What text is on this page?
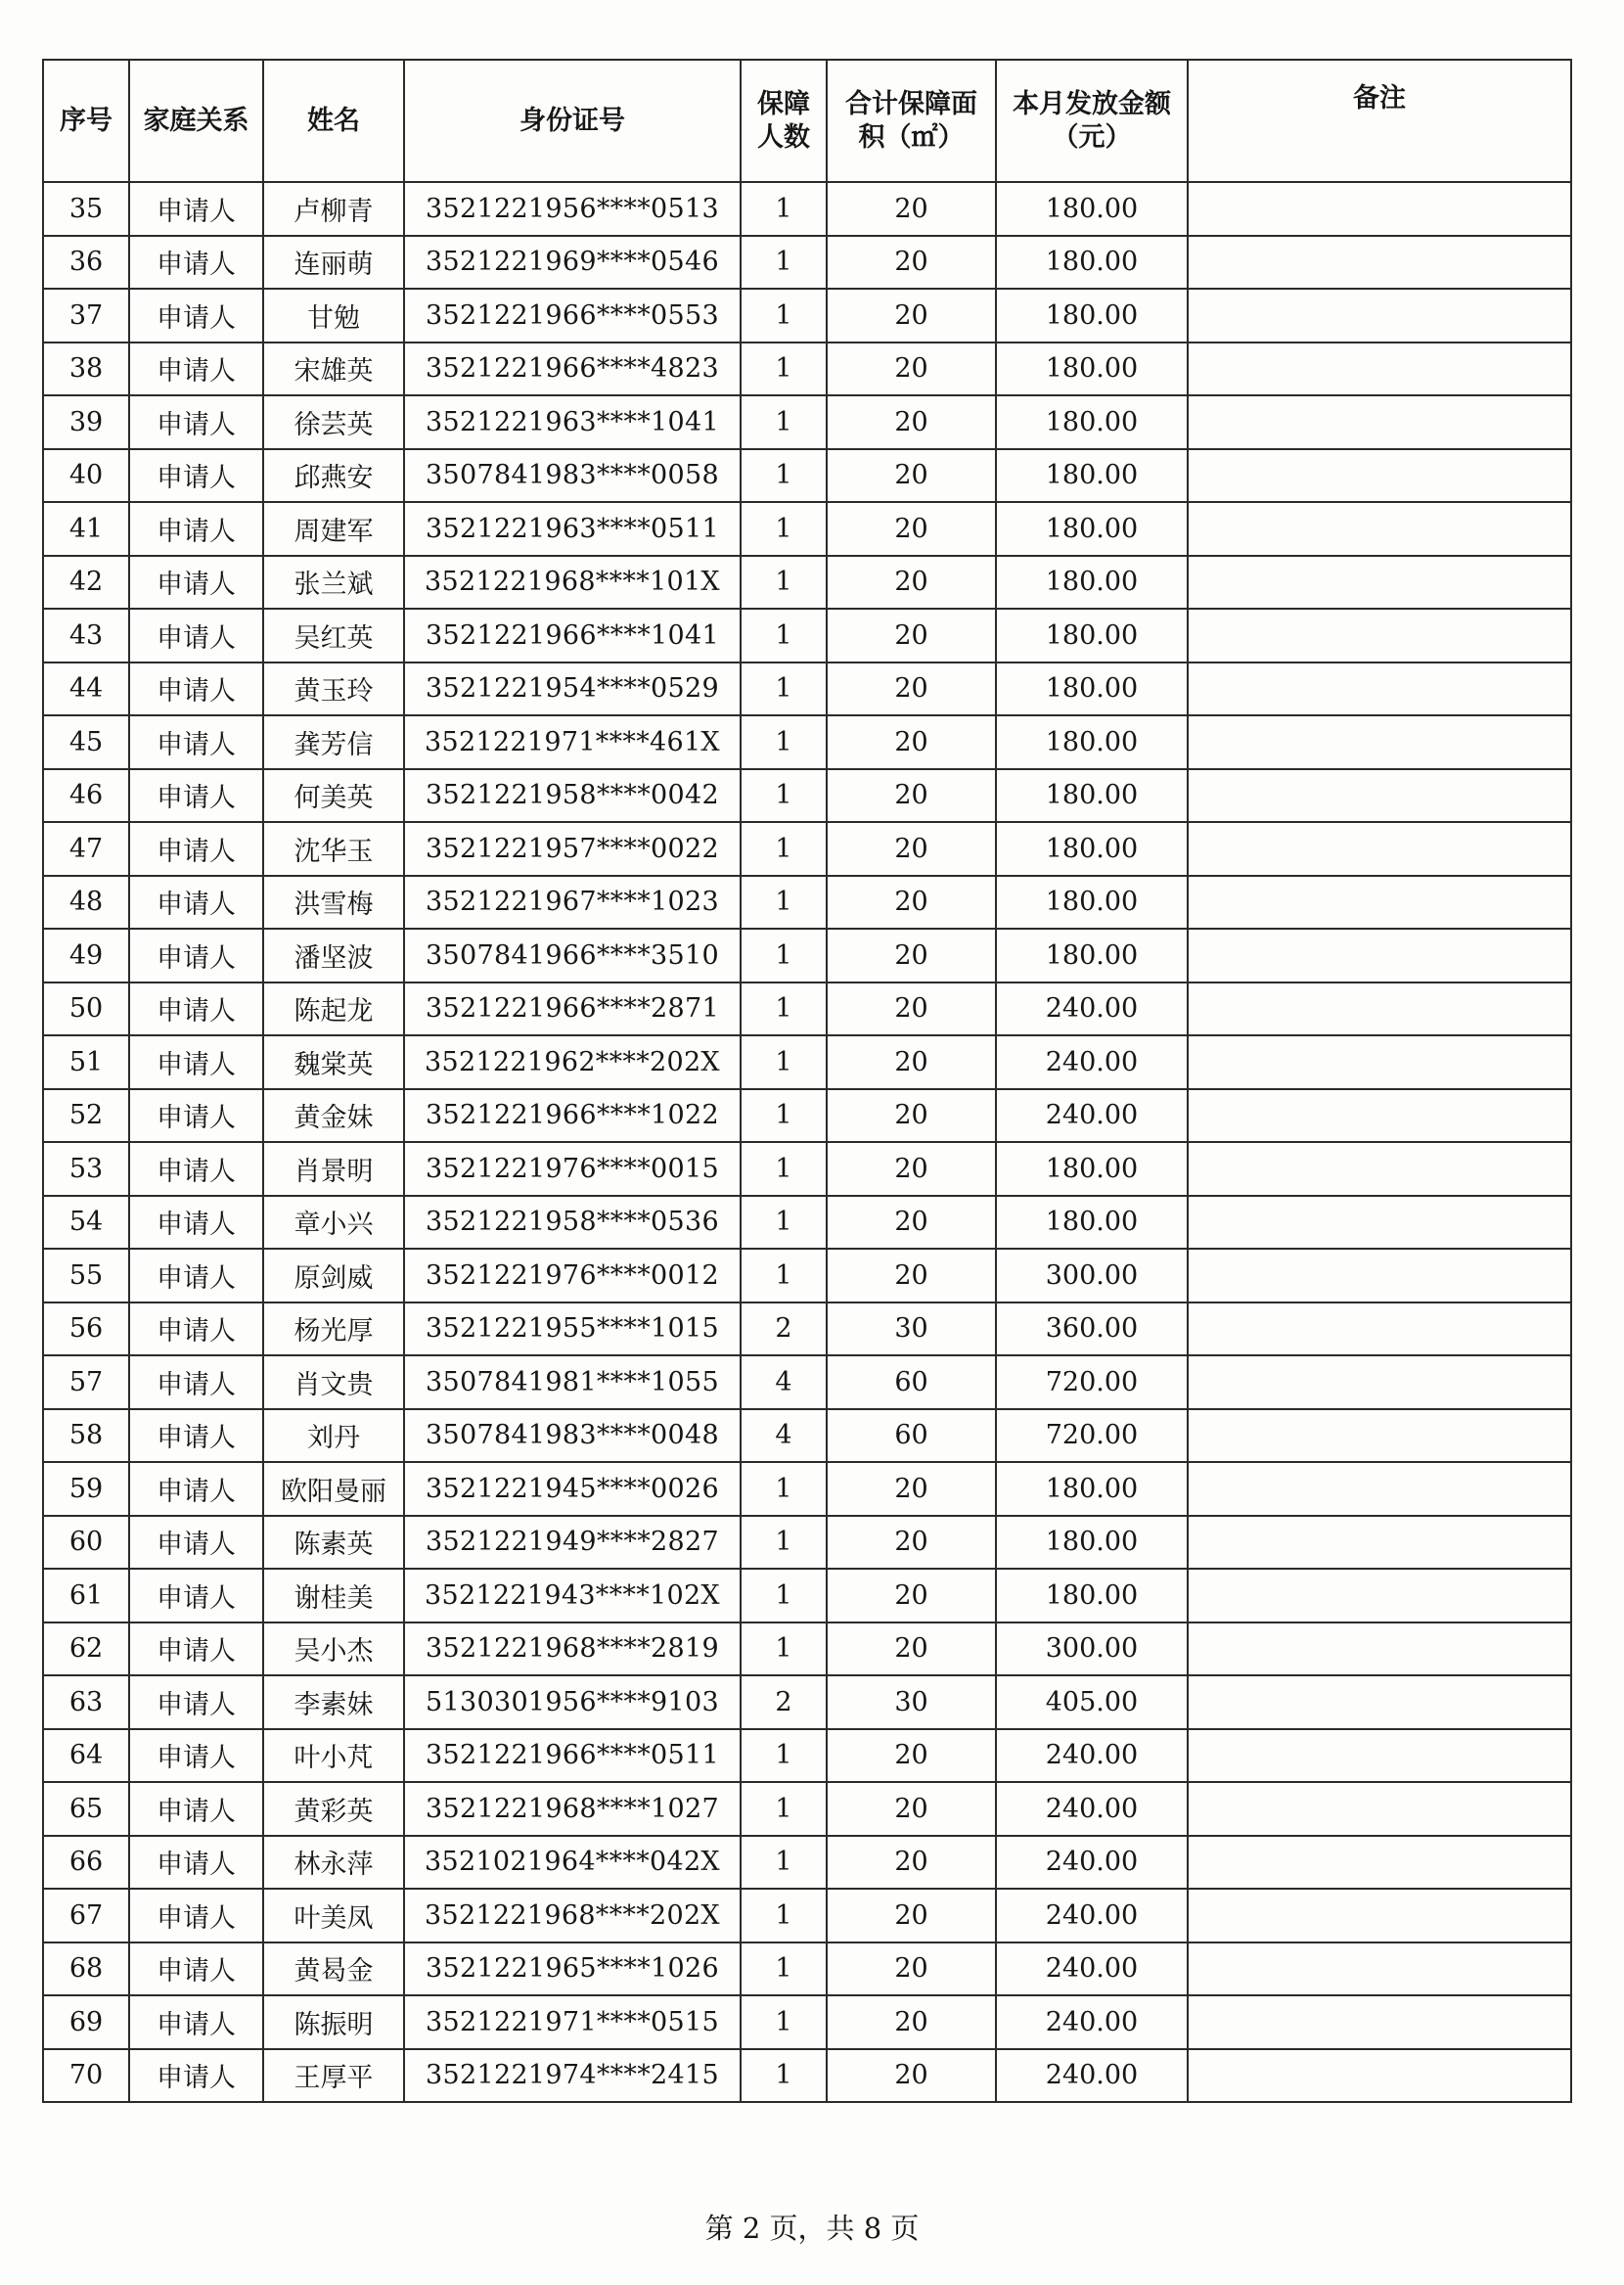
序号	家庭关系	姓名	身份证号	保障人数	合计保障面积（㎡）	本月发放金额（元）	备注
35	申请人	卢柳青	3521221956****0513	1	20	180.00	
36	申请人	连丽萌	3521221969****0546	1	20	180.00	
37	申请人	甘勉	3521221966****0553	1	20	180.00	
38	申请人	宋雄英	3521221966****4823	1	20	180.00	
39	申请人	徐芸英	3521221963****1041	1	20	180.00	
40	申请人	邱燕安	3507841983****0058	1	20	180.00	
41	申请人	周建军	3521221963****0511	1	20	180.00	
42	申请人	张兰斌	3521221968****101X	1	20	180.00	
43	申请人	吴红英	3521221966****1041	1	20	180.00	
44	申请人	黄玉玲	3521221954****0529	1	20	180.00	
45	申请人	龚芳信	3521221971****461X	1	20	180.00	
46	申请人	何美英	3521221958****0042	1	20	180.00	
47	申请人	沈华玉	3521221957****0022	1	20	180.00	
48	申请人	洪雪梅	3521221967****1023	1	20	180.00	
49	申请人	潘坚波	3507841966****3510	1	20	180.00	
50	申请人	陈起龙	3521221966****2871	1	20	240.00	
51	申请人	魏棠英	3521221962****202X	1	20	240.00	
52	申请人	黄金妹	3521221966****1022	1	20	240.00	
53	申请人	肖景明	3521221976****0015	1	20	180.00	
54	申请人	章小兴	3521221958****0536	1	20	180.00	
55	申请人	原剑威	3521221976****0012	1	20	300.00	
56	申请人	杨光厚	3521221955****1015	2	30	360.00	
57	申请人	肖文贵	3507841981****1055	4	60	720.00	
58	申请人	刘丹	3507841983****0048	4	60	720.00	
59	申请人	欧阳曼丽	3521221945****0026	1	20	180.00	
60	申请人	陈素英	3521221949****2827	1	20	180.00	
61	申请人	谢桂美	3521221943****102X	1	20	180.00	
62	申请人	吴小杰	3521221968****2819	1	20	300.00	
63	申请人	李素妹	5130301956****9103	2	30	405.00	
64	申请人	叶小芃	3521221966****0511	1	20	240.00	
65	申请人	黄彩英	3521221968****1027	1	20	240.00	
66	申请人	林永萍	3521021964****042X	1	20	240.00	
67	申请人	叶美凤	3521221968****202X	1	20	240.00	
68	申请人	黄曷金	3521221965****1026	1	20	240.00	
69	申请人	陈振明	3521221971****0515	1	20	240.00	
70	申请人	王厚平	3521221974****2415	1	20	240.00	
第 2 页，共 8 页
